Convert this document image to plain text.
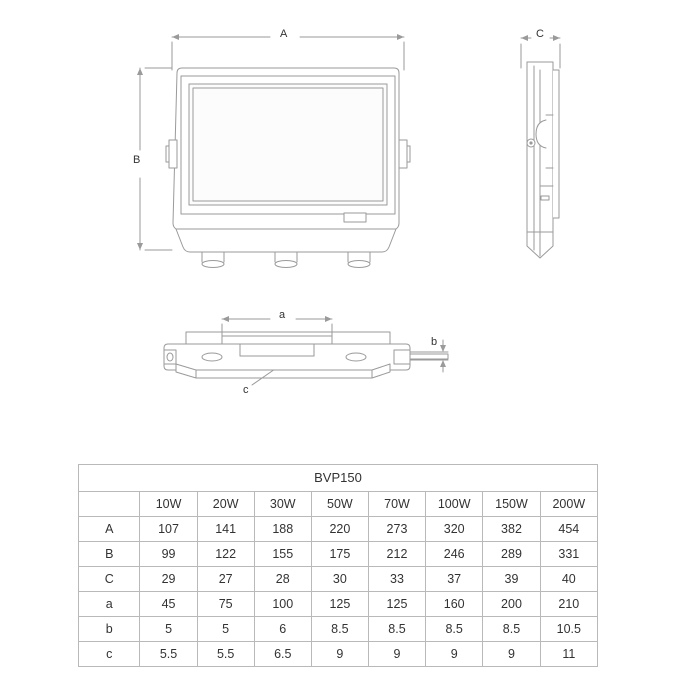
A
B
C
a
b
c
BVP150								
	10W	20W	30W	50W	70W	100W	150W	200W
A	107	141	188	220	273	320	382	454
B	99	122	155	175	212	246	289	331
C	29	27	28	30	33	37	39	40
a	45	75	100	125	125	160	200	210
b	5	5	6	8.5	8.5	8.5	8.5	10.5
c	5.5	5.5	6.5	9	9	9	9	11
